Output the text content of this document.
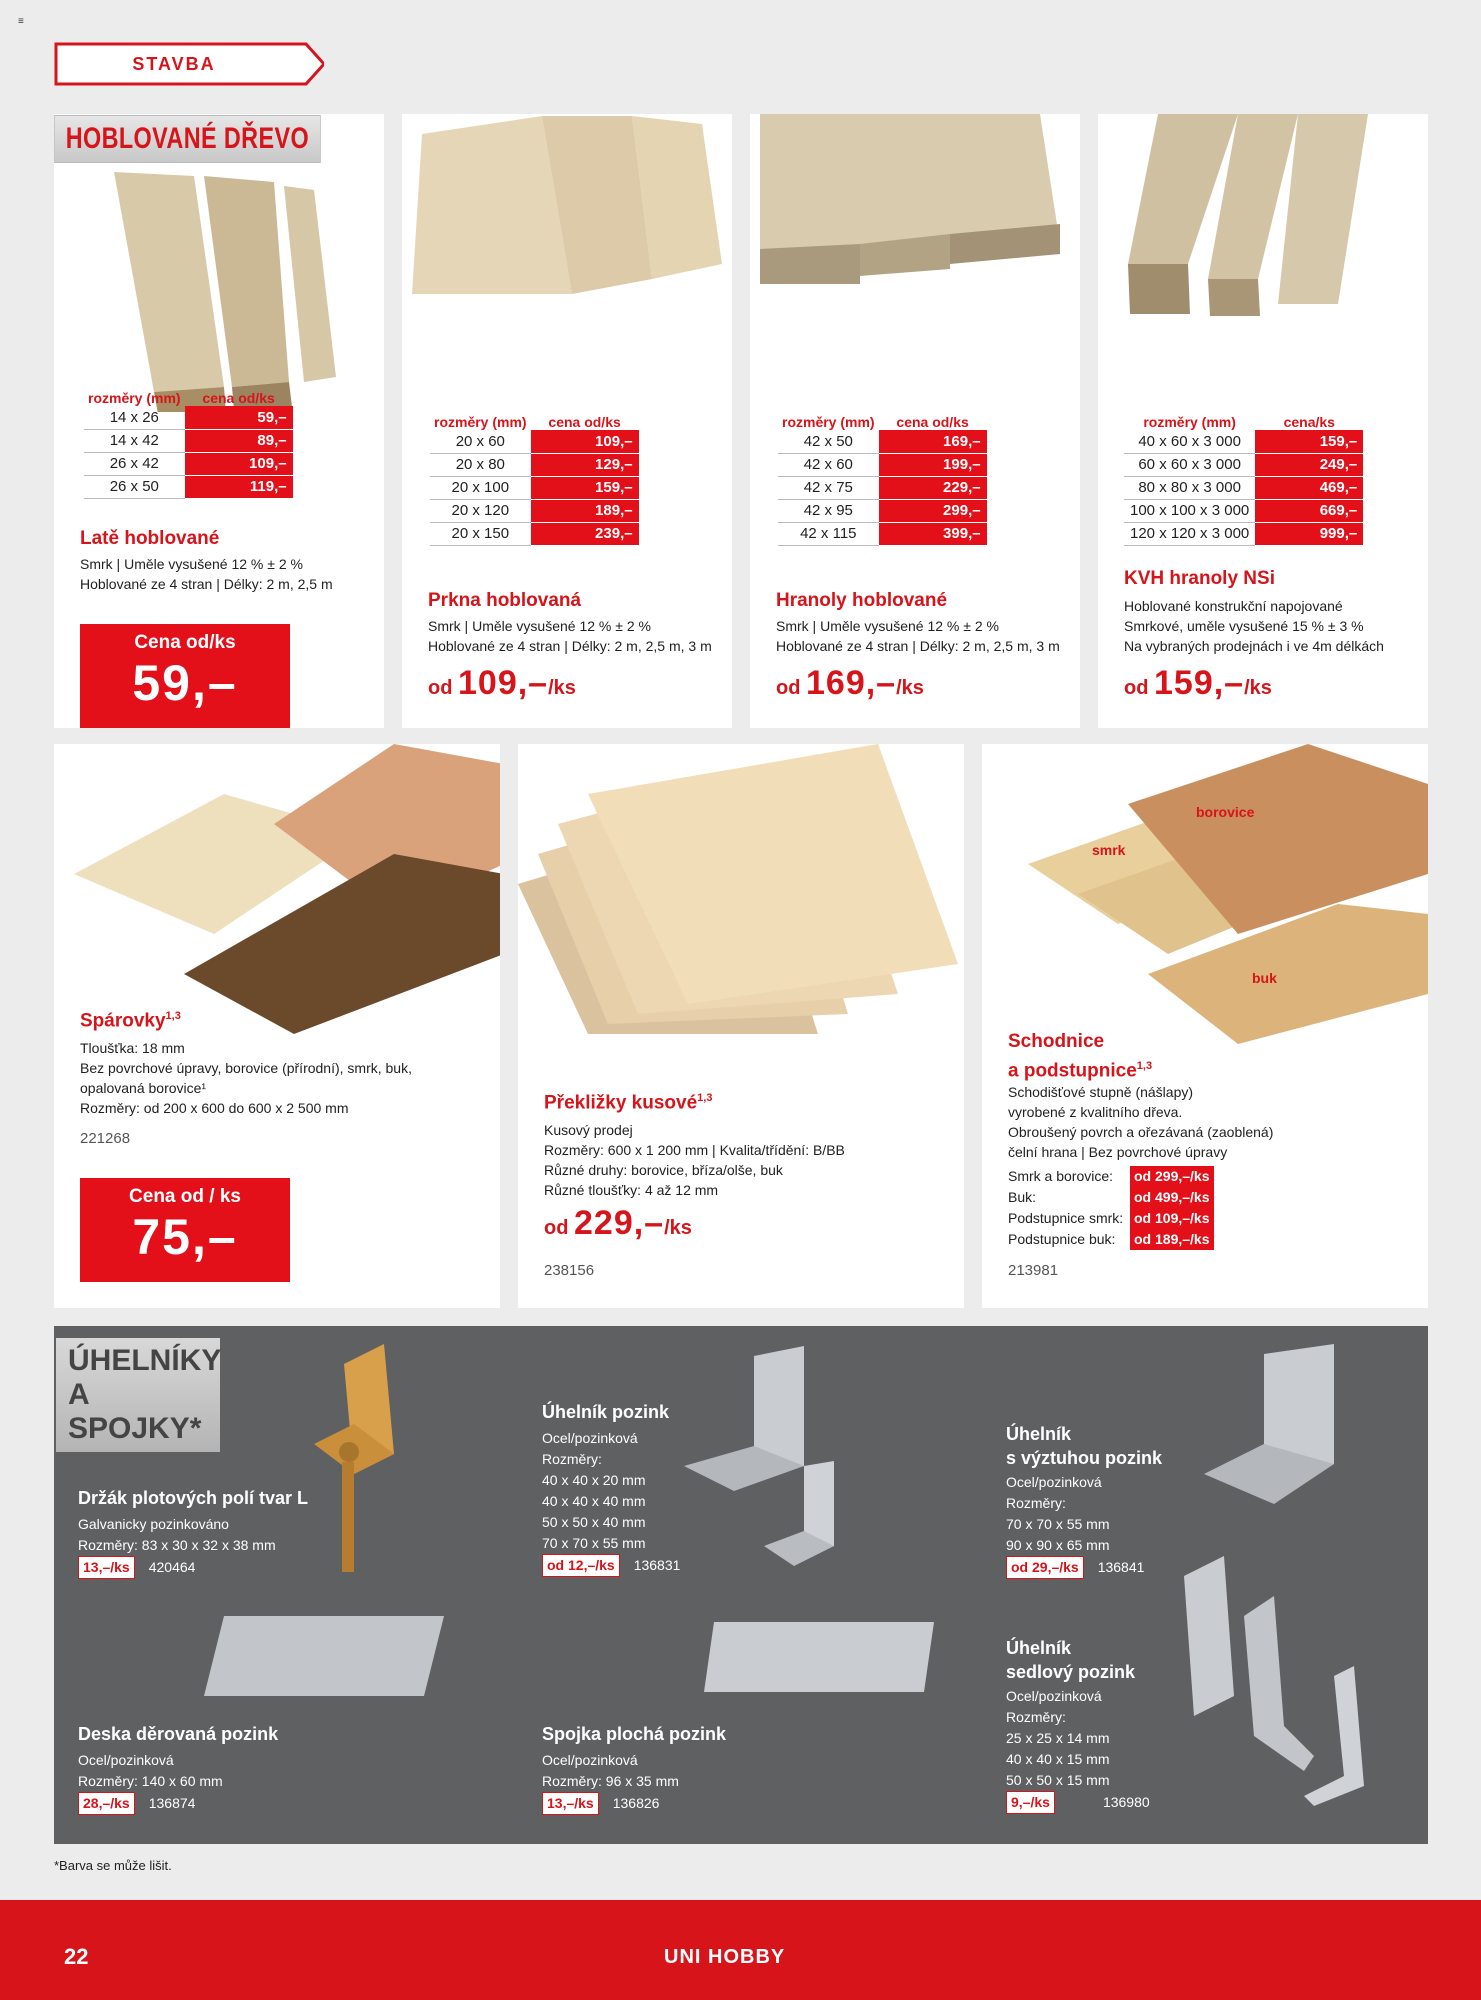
≡
STAVBA
HOBLOVANÉ DŘEVO
rozměry (mm)	cena od/ks
14 x 26	59,–
14 x 42	89,–
26 x 42	109,–
26 x 50	119,–
rozměry (mm)	cena od/ks
20 x 60	109,–
20 x 80	129,–
20 x 100	159,–
20 x 120	189,–
20 x 150	239,–
rozměry (mm)	cena od/ks
42 x 50	169,–
42 x 60	199,–
42 x 75	229,–
42 x 95	299,–
42 x 115	399,–
rozměry (mm)	cena/ks
40 x 60 x 3 000	159,–
60 x 60 x 3 000	249,–
80 x 80 x 3 000	469,–
100 x 100 x 3 000	669,–
120 x 120 x 3 000	999,–
Latě hoblované
Smrk | Uměle vysušené 12 % ± 2 %
Hoblované ze 4 stran | Délky: 2 m, 2,5 m
Cena od/ks
59,–
Prkna hoblovaná
Smrk | Uměle vysušené 12 % ± 2 %
Hoblované ze 4 stran | Délky: 2 m, 2,5 m, 3 m
od 109,–/ks
Hranoly hoblované
Smrk | Uměle vysušené 12 % ± 2 %
Hoblované ze 4 stran | Délky: 2 m, 2,5 m, 3 m
od 169,–/ks
KVH hranoly NSi
Hoblované konstrukční napojované
Smrkové, uměle vysušené 15 % ± 3 %
Na vybraných prodejnách i ve 4m délkách
od 159,–/ks
Spárovky$^{1,3}$
Tloušťka: 18 mm
Bez povrchové úpravy, borovice (přírodní), smrk, buk,
opalovaná borovice¹
Rozměry: od 200 x 600 do 600 x 2 500 mm
221268
Cena od / ks
75,–
Překližky kusové$^{1,3}$
Kusový prodej
Rozměry: 600 x 1 200 mm | Kvalita/třídění: B/BB
Různé druhy: borovice, bříza/olše, buk
Různé tloušťky: 4 až 12 mm
od 229,–/ks
238156
borovice
smrk
buk
Schodnice
a podstupnice$^{1,3}$
Schodišťové stupně (nášlapy)
vyrobené z kvalitního dřeva.
Obroušený povrch a ořezávaná (zaoblená)
čelní hrana | Bez povrchové úpravy
Smrk a borovice: od 299,–/ks
Buk:	od 499,–/ks
Podstupnice smrk: od 109,–/ks
Podstupnice buk: od 189,–/ks
213981
ÚHELNÍKY
A SPOJKY*
Držák plotových polí tvar L
Galvanicky pozinkováno
Rozměry: 83 x 30 x 32 x 38 mm
13,–/ks 420464
Úhelník pozink
Ocel/pozinková
Rozměry:
40 x 40 x 20 mm
40 x 40 x 40 mm
50 x 50 x 40 mm
70 x 70 x 55 mm
od 12,–/ks 136831
Úhelník
s výztuhou pozink
Ocel/pozinková
Rozměry:
70 x 70 x 55 mm
90 x 90 x 65 mm
od 29,–/ks 136841
Deska děrovaná pozink
Ocel/pozinková
Rozměry: 140 x 60 mm
28,–/ks 136874
Spojka plochá pozink
Ocel/pozinková
Rozměry: 96 x 35 mm
13,–/ks 136826
Úhelník
sedlový pozink
Ocel/pozinková
Rozměry:
25 x 25 x 14 mm
40 x 40 x 15 mm
50 x 50 x 15 mm
9,–/ks	136980
*Barva se může lišit.
22	UNI HOBBY
